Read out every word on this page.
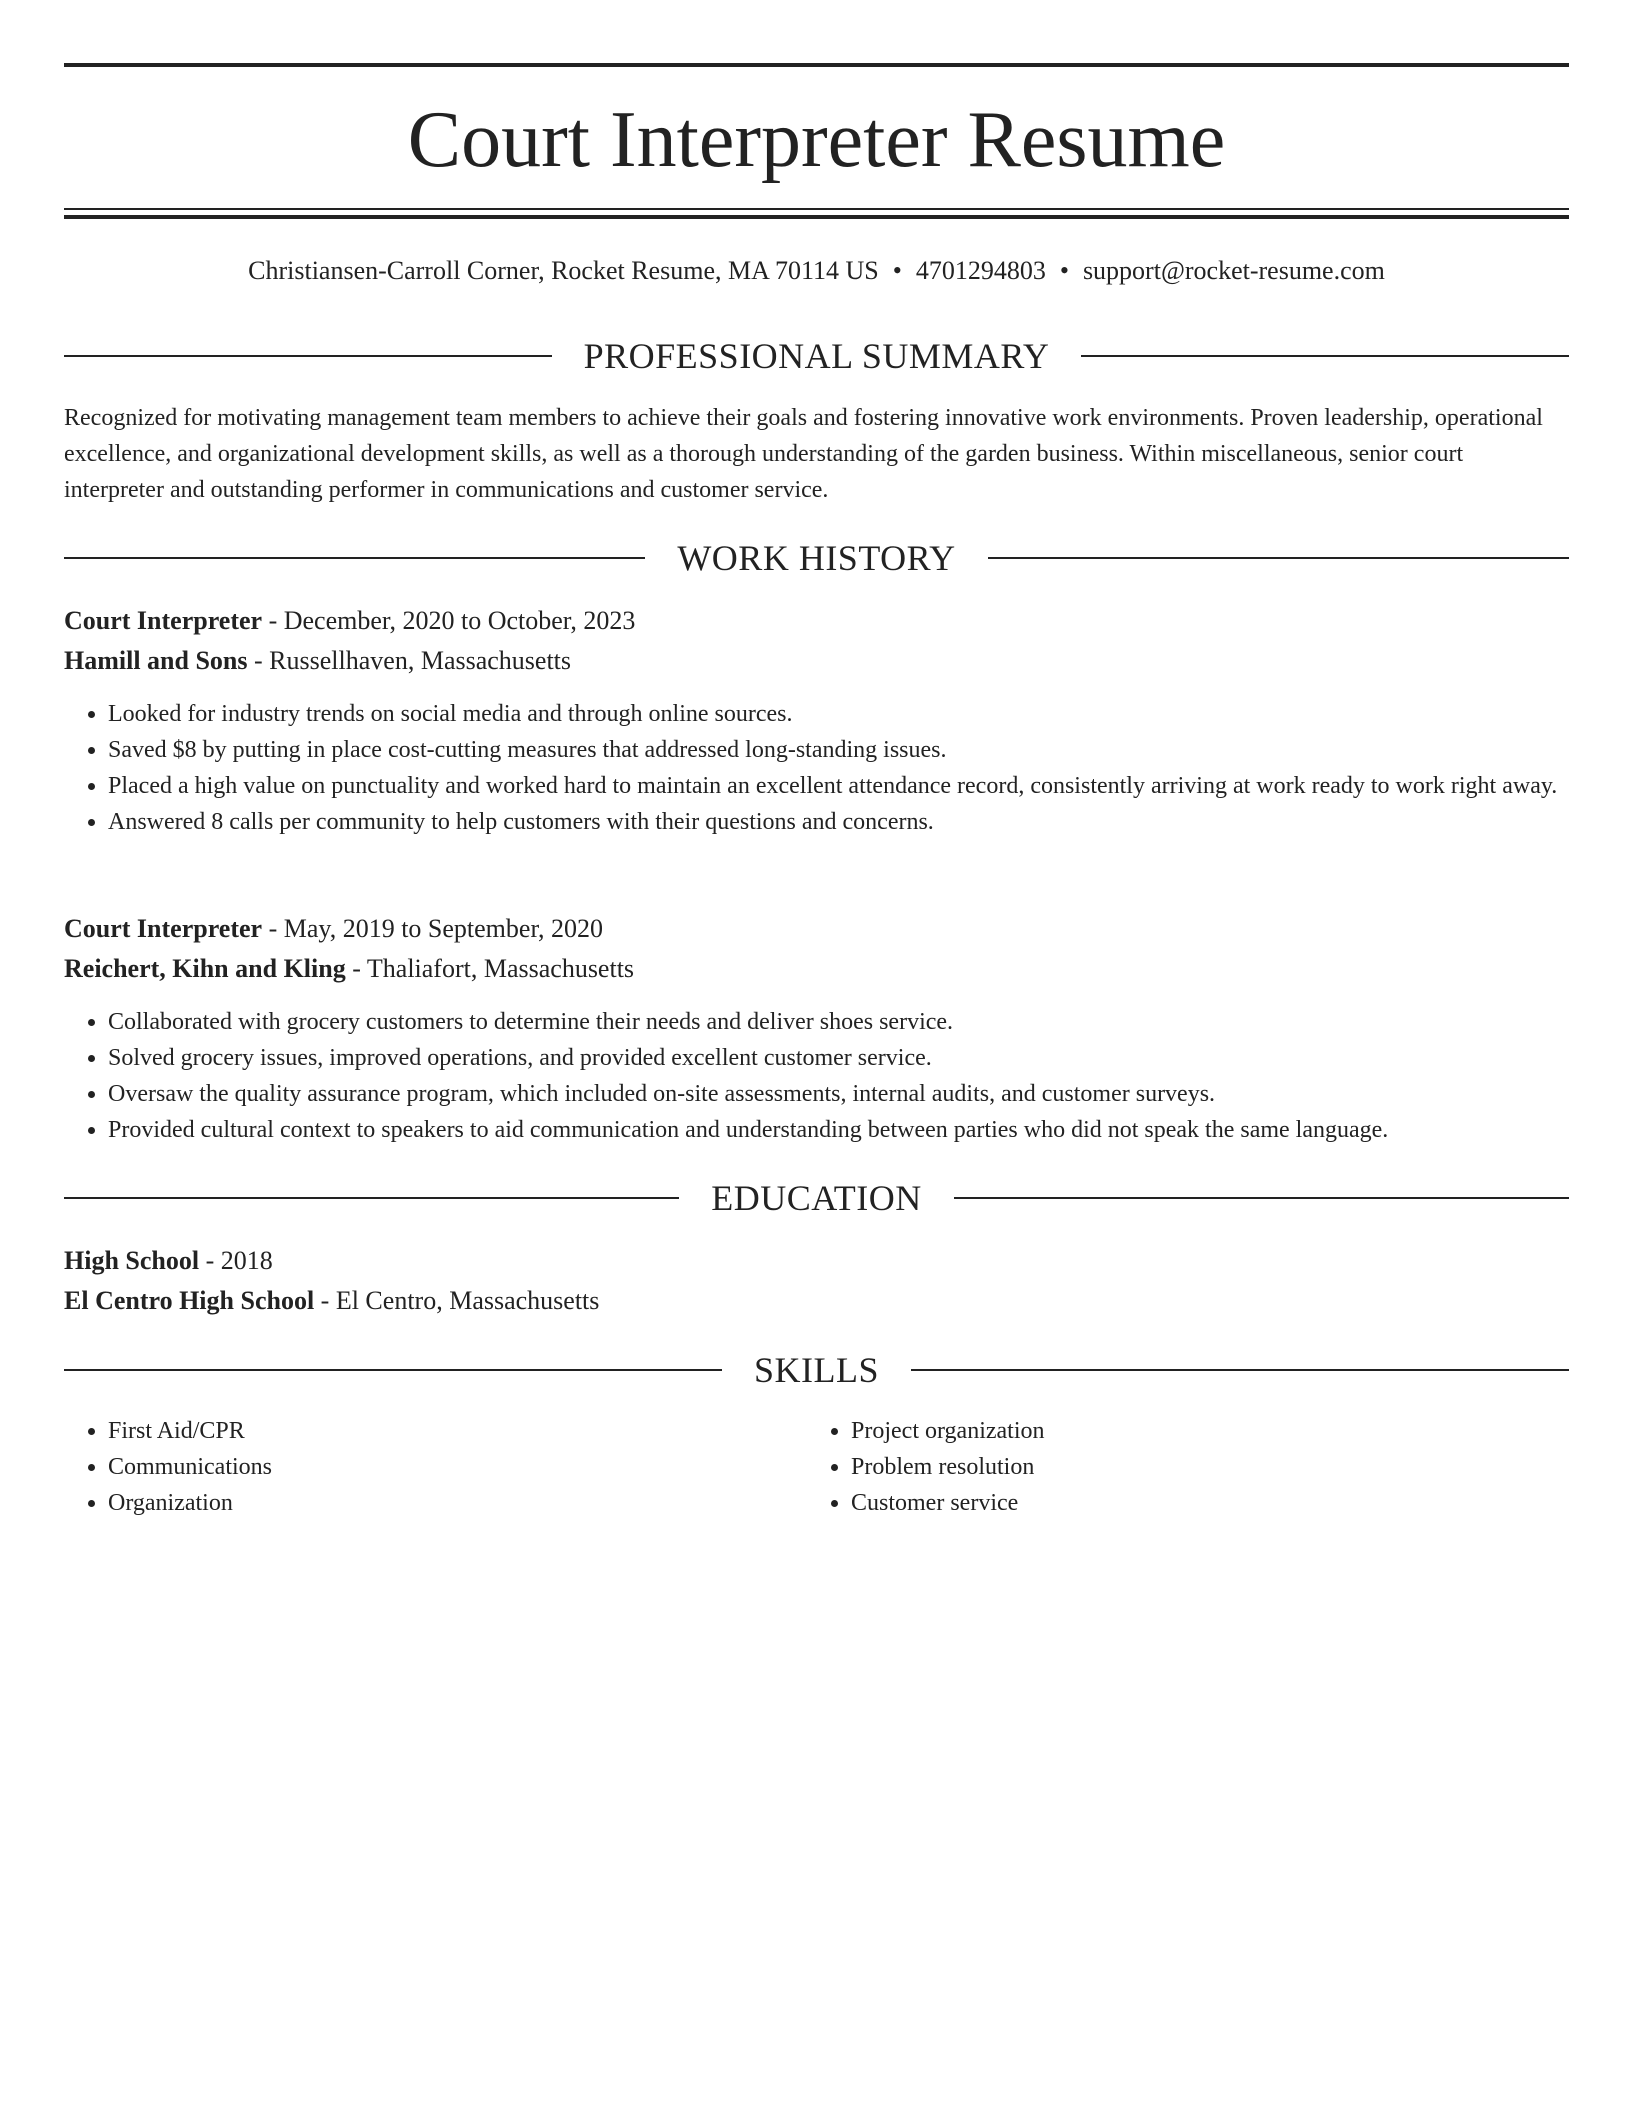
Court Interpreter Resume
Christiansen-Carroll Corner, Rocket Resume, MA 70114 US • 4701294803 • support@rocket-resume.com
PROFESSIONAL SUMMARY

Recognized for motivating management team members to achieve their goals and fostering innovative work environments. Proven leadership, operational excellence, and organizational development skills, as well as a thorough understanding of the garden business. Within miscellaneous, senior court interpreter and outstanding performer in communications and customer service.

WORK HISTORY
Court Interpreter - December, 2020 to October, 2023
Hamill and Sons - Russellhaven, Massachusetts
• Looked for industry trends on social media and through online sources.
• Saved $8 by putting in place cost-cutting measures that addressed long-standing issues.
• Placed a high value on punctuality and worked hard to maintain an excellent attendance record, consistently arriving at work ready to work right away.
• Answered 8 calls per community to help customers with their questions and concerns.
Court Interpreter - May, 2019 to September, 2020
Reichert, Kihn and Kling - Thaliafort, Massachusetts
• Collaborated with grocery customers to determine their needs and deliver shoes service.
• Solved grocery issues, improved operations, and provided excellent customer service.
• Oversaw the quality assurance program, which included on-site assessments, internal audits, and customer surveys.
• Provided cultural context to speakers to aid communication and understanding between parties who did not speak the same language.
EDUCATION
High School - 2018
El Centro High School - El Centro, Massachusetts
SKILLS
• First Aid/CPR
• Communications
• Organization
• Project organization
• Problem resolution
• Customer service
